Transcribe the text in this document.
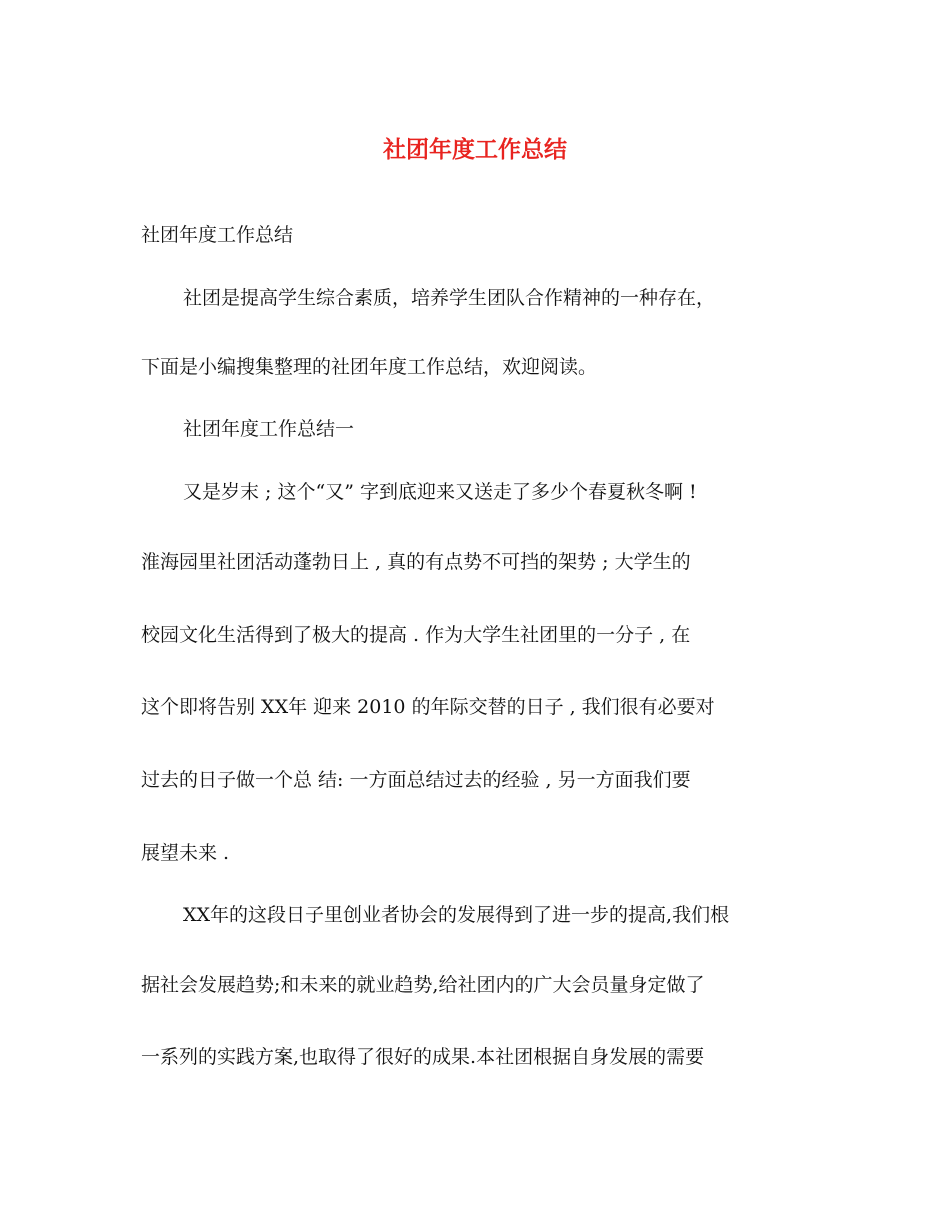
社团年度工作总结

社团年度工作总结

社团是提高学生综合素质，培养学生团队合作精神的一种存在，

下面是小编搜集整理的社团年度工作总结，欢迎阅读。

社团年度工作总结一

又是岁末 ; 这个“又” 字到底迎来又送走了多少个春夏秋冬啊 !

淮海园里社团活动蓬勃日上 , 真的有点势不可挡的架势 ; 大学生的

校园文化生活得到了极大的提高 . 作为大学生社团里的一分子 , 在

这个即将告别 XX年 迎来 2010 的年际交替的日子 , 我们很有必要对

过去的日子做一个总 结: 一方面总结过去的经验 , 另一方面我们要

展望未来 .

XX年的这段日子里创业者协会的发展得到了进一步的提高,我们根

据社会发展趋势;和未来的就业趋势,给社团内的广大会员量身定做了

一系列的实践方案,也取得了很好的成果.本社团根据自身发展的需要
